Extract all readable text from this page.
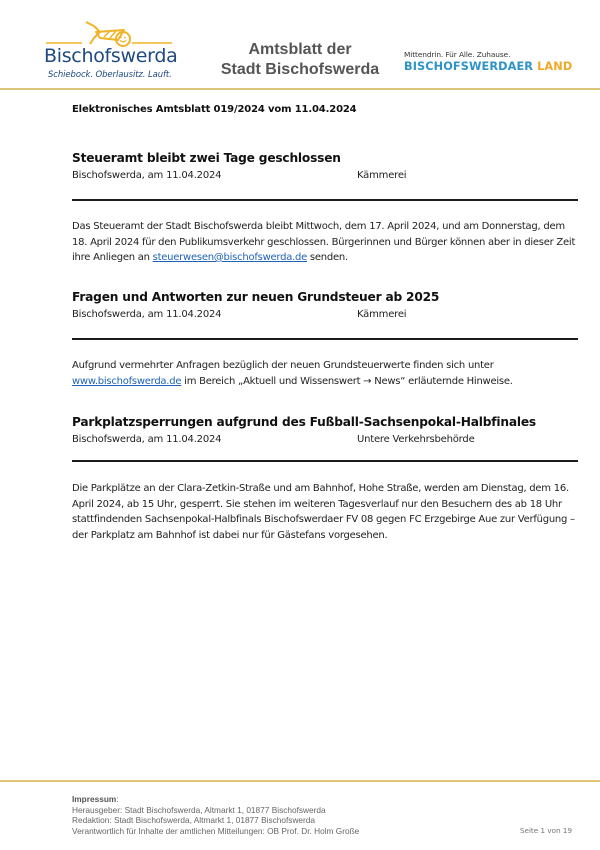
Bischofswerda
Schiebock. Oberlausitz. Lauft.
Amtsblatt der
Stadt Bischofswerda
Mittendrin. Für Alle. Zuhause.
BISCHOFSWERDAER LAND

Elektronisches Amtsblatt 019/2024 vom 11.04.2024

Steueramt bleibt zwei Tage geschlossen
Bischofswerda, am 11.04.2024	Kämmerei

Das Steueramt der Stadt Bischofswerda bleibt Mittwoch, dem 17. April 2024, und am Donnerstag, dem 18. April 2024 für den Publikumsverkehr geschlossen. Bürgerinnen und Bürger können aber in dieser Zeit ihre Anliegen an steuerwesen@bischofswerda.de senden.

Fragen und Antworten zur neuen Grundsteuer ab 2025
Bischofswerda, am 11.04.2024	Kämmerei

Aufgrund vermehrter Anfragen bezüglich der neuen Grundsteuerwerte finden sich unter www.bischofswerda.de im Bereich „Aktuell und Wissenswert → News“ erläuternde Hinweise.

Parkplatzsperrungen aufgrund des Fußball-Sachsenpokal-Halbfinales
Bischofswerda, am 11.04.2024	Untere Verkehrsbehörde

Die Parkplätze an der Clara-Zetkin-Straße und am Bahnhof, Hohe Straße, werden am Dienstag, dem 16. April 2024, ab 15 Uhr, gesperrt. Sie stehen im weiteren Tagesverlauf nur den Besuchern des ab 18 Uhr stattfindenden Sachsenpokal-Halbfinals Bischofswerdaer FV 08 gegen FC Erzgebirge Aue zur Verfügung – der Parkplatz am Bahnhof ist dabei nur für Gästefans vorgesehen.

Impressum:
Herausgeber: Stadt Bischofswerda, Altmarkt 1, 01877 Bischofswerda
Redaktion: Stadt Bischofswerda, Altmarkt 1, 01877 Bischofswerda
Verantwortlich für Inhalte der amtlichen Mitteilungen: OB Prof. Dr. Holm Große	Seite 1 von 19
